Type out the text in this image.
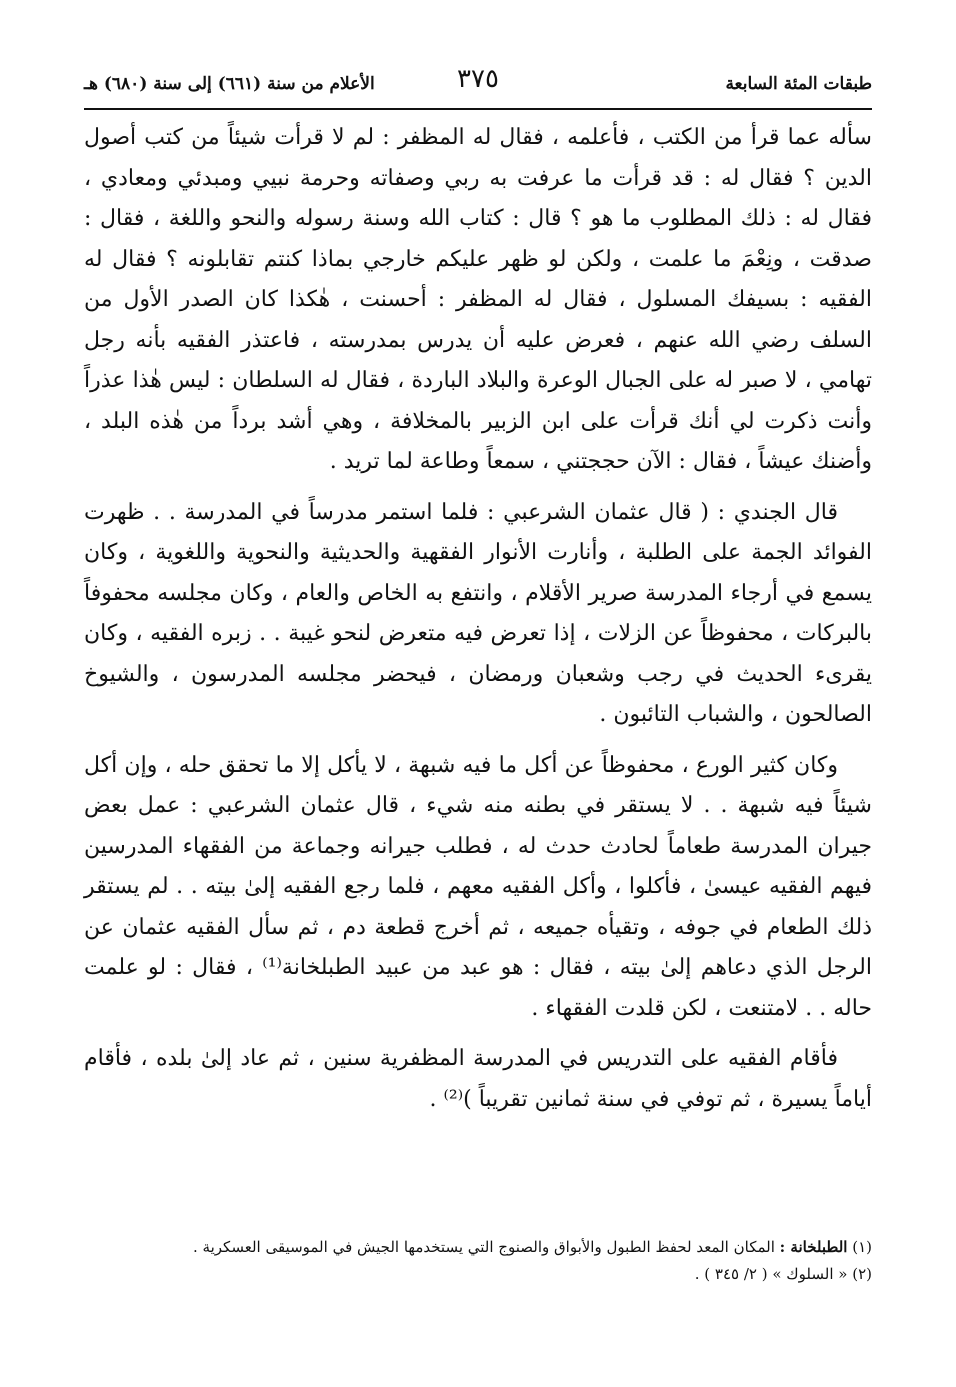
طبقات المئة السابعة
٣٧٥
الأعلام من سنة (٦٦١) إلى سنة (٦٨٠) هـ

سأله عما قرأ من الكتب ، فأعلمه ، فقال له المظفر : لم لا قرأت شيئاً من كتب أصول الدين ؟ فقال له : قد قرأت ما عرفت به ربي وصفاته وحرمة نبيي ومبدئي ومعادي ، فقال له : ذلك المطلوب ما هو ؟ قال : كتاب الله وسنة رسوله والنحو واللغة ، فقال : صدقت ، ونِعْمَ ما علمت ، ولكن لو ظهر عليكم خارجي بماذا كنتم تقابلونه ؟ فقال له الفقيه : بسيفك المسلول ، فقال له المظفر : أحسنت ، هٰكذا كان الصدر الأول من السلف رضي الله عنهم ، فعرض عليه أن يدرس بمدرسته ، فاعتذر الفقيه بأنه رجل تهامي ، لا صبر له على الجبال الوعرة والبلاد الباردة ، فقال له السلطان : ليس هٰذا عذراً وأنت ذكرت لي أنك قرأت على ابن الزبير بالمخلافة ، وهي أشد برداً من هٰذه البلد ، وأضنك عيشاً ، فقال : الآن حججتني ، سمعاً وطاعة لما تريد .

قال الجندي : ( قال عثمان الشرعبي : فلما استمر مدرساً في المدرسة . . ظهرت الفوائد الجمة على الطلبة ، وأنارت الأنوار الفقهية والحديثية والنحوية واللغوية ، وكان يسمع في أرجاء المدرسة صرير الأقلام ، وانتفع به الخاص والعام ، وكان مجلسه محفوفاً بالبركات ، محفوظاً عن الزلات ، إذا تعرض فيه متعرض لنحو غيبة . . زبره الفقيه ، وكان يقرىء الحديث في رجب وشعبان ورمضان ، فيحضر مجلسه المدرسون ، والشيوخ الصالحون ، والشباب التائبون .

وكان كثير الورع ، محفوظاً عن أكل ما فيه شبهة ، لا يأكل إلا ما تحقق حله ، وإن أكل شيئاً فيه شبهة . . لا يستقر في بطنه منه شيء ، قال عثمان الشرعبي : عمل بعض جيران المدرسة طعاماً لحادث حدث له ، فطلب جيرانه وجماعة من الفقهاء المدرسين فيهم الفقيه عيسىٰ ، فأكلوا ، وأكل الفقيه معهم ، فلما رجع الفقيه إلىٰ بيته . . لم يستقر ذلك الطعام في جوفه ، وتقيأه جميعه ، ثم أخرج قطعة دم ، ثم سأل الفقيه عثمان عن الرجل الذي دعاهم إلىٰ بيته ، فقال : هو عبد من عبيد الطبلخانة⁽¹⁾ ، فقال : لو علمت حاله . . لامتنعت ، لكن قلدت الفقهاء .

فأقام الفقيه على التدريس في المدرسة المظفرية سنين ، ثم عاد إلىٰ بلده ، فأقام أياماً يسيرة ، ثم توفي في سنة ثمانين تقريباً )⁽²⁾ .

(١) الطبلخانة : المكان المعد لحفظ الطبول والأبواق والصنوج التي يستخدمها الجيش في الموسيقى العسكرية .
(٢) « السلوك » ( ٢/ ٣٤٥ ) .
